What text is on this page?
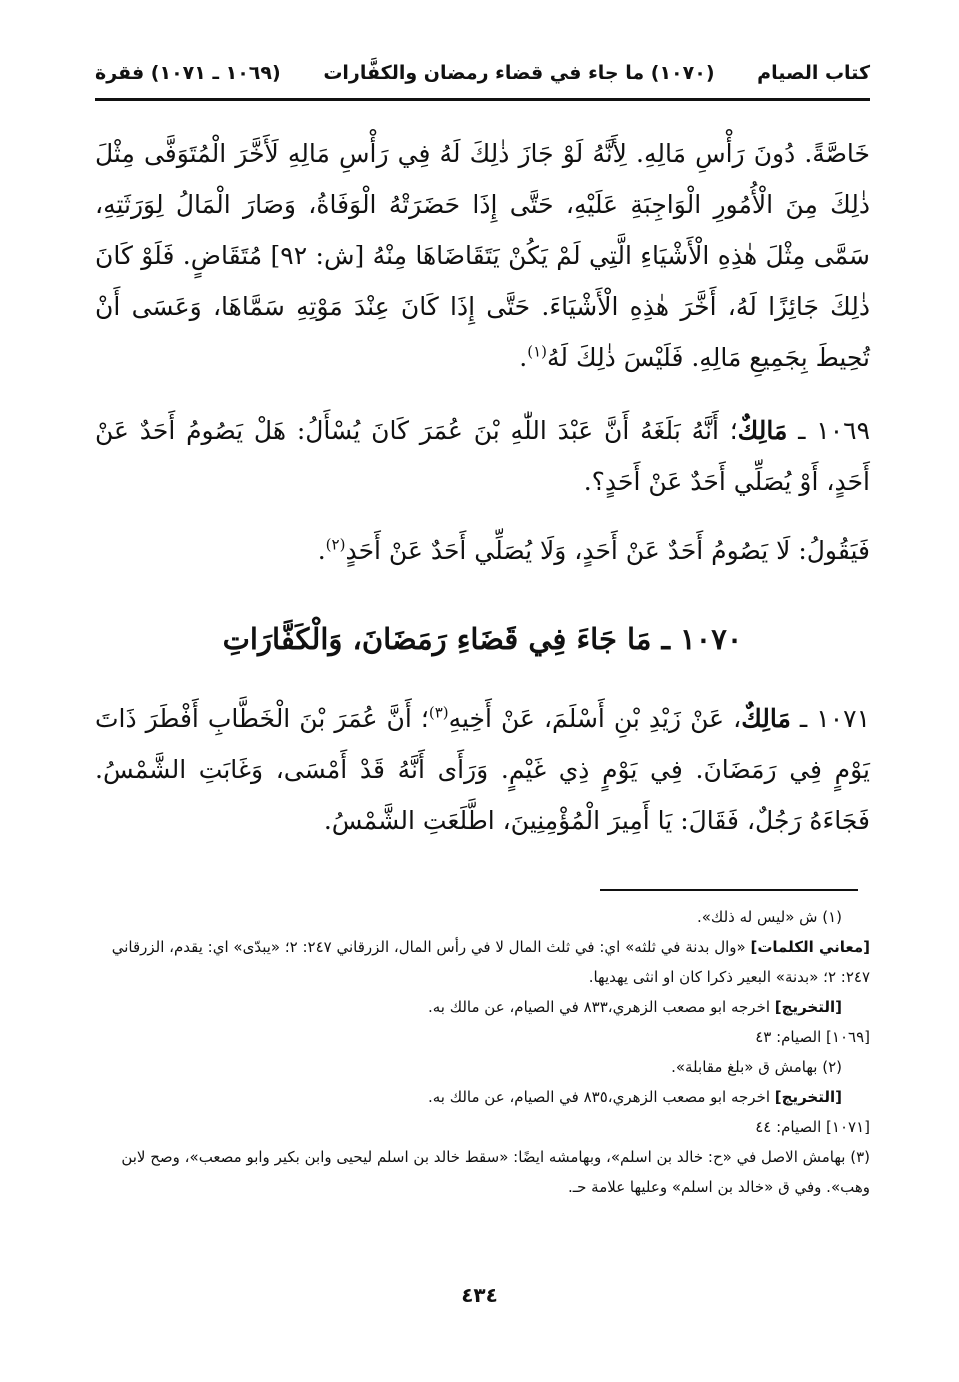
كتاب الصيام
(١٠٧٠) ما جاء في قضاء رمضان والكفَّارات
(١٠٦٩ ـ ١٠٧١) فقرة

خَاصَّةً. دُونَ رَأْسِ مَالِهِ. لِأَنَّهُ لَوْ جَازَ ذٰلِكَ لَهُ فِي رَأْسِ مَالِهِ لَأَخَّرَ الْمُتَوَفَّى مِثْلَ ذٰلِكَ مِنَ الْأُمُورِ الْوَاجِبَةِ عَلَيْهِ، حَتَّى إِذَا حَضَرَتْهُ الْوَفَاةُ، وَصَارَ الْمَالُ لِوَرَثَتِهِ، سَمَّى مِثْلَ هٰذِهِ الْأَشْيَاءِ الَّتِي لَمْ يَكُنْ يَتَقَاضَاهَا مِنْهُ [ش: ٩٢] مُتَقَاضٍ. فَلَوْ كَانَ ذٰلِكَ جَائِزًا لَهُ، أَخَّرَ هٰذِهِ الْأَشْيَاءَ. حَتَّى إِذَا كَانَ عِنْدَ مَوْتِهِ سَمَّاهَا، وَعَسَى أَنْ تُحِيطَ بِجَمِيعِ مَالِهِ. فَلَيْسَ ذٰلِكَ لَهُ$^{(١)}$.

١٠٦٩ ـ مَالِكٌ؛ أَنَّهُ بَلَغَهُ أَنَّ عَبْدَ اللّٰهِ بْنَ عُمَرَ كَانَ يُسْأَلُ: هَلْ يَصُومُ أَحَدٌ عَنْ أَحَدٍ، أَوْ يُصَلِّي أَحَدٌ عَنْ أَحَدٍ؟.

فَيَقُولُ: لَا يَصُومُ أَحَدٌ عَنْ أَحَدٍ، وَلَا يُصَلِّي أَحَدٌ عَنْ أَحَدٍ$^{(٢)}$.

١٠٧٠ ـ مَا جَاءَ فِي قَضَاءِ رَمَضَانَ، وَالْكَفَّارَاتِ

١٠٧١ ـ مَالِكٌ، عَنْ زَيْدِ بْنِ أَسْلَمَ، عَنْ أَخِيهِ$^{(٣)}$؛ أَنَّ عُمَرَ بْنَ الْخَطَّابِ أَفْطَرَ ذَاتَ يَوْمٍ فِي رَمَضَانَ. فِي يَوْمٍ ذِي غَيْمٍ. وَرَأَى أَنَّهُ قَدْ أَمْسَى، وَغَابَتِ الشَّمْسُ. فَجَاءَهُ رَجُلٌ، فَقَالَ: يَا أَمِيرَ الْمُؤْمِنِينَ، اطَّلَعَتِ الشَّمْسُ.

(١) ش «ليس له ذلك».

[معاني الكلمات] «وال بدنة في ثلثه» اي: في ثلث المال لا في رأس المال، الزرقاني ٢٤٧: ٢؛ «يبدّى» اي: يقدم، الزرقاني ٢٤٧: ٢؛ «بدنة» البعير ذكرا كان او انثى يهديها.

[التخريج] اخرجه ابو مصعب الزهري،٨٣٣ في الصيام، عن مالك به.

[١٠٦٩] الصيام: ٤٣

(٢) بهامش ق «بلغ مقابلة».

[التخريج] اخرجه ابو مصعب الزهري،٨٣٥ في الصيام، عن مالك به.

[١٠٧١] الصيام: ٤٤

(٣) بهامش الاصل في «ح: خالد بن اسلم»، وبهامشه ايضًا: «سقط خالد بن اسلم ليحيى وابن بكير وابو مصعب»، وصح لابن وهب». وفي ق «خالد بن اسلم» وعليها علامة حـ.

٤٣٤
